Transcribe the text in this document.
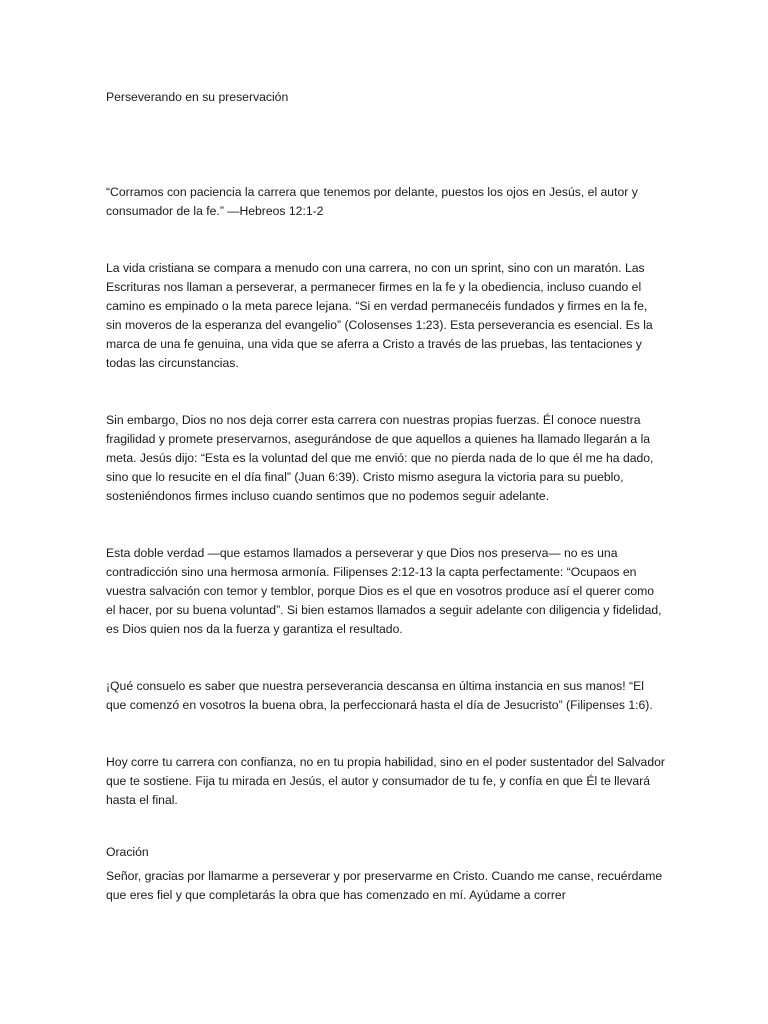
Perseverando en su preservación

“Corramos con paciencia la carrera que tenemos por delante, puestos los ojos en Jesús, el autor y consumador de la fe.” —Hebreos 12:1-2

La vida cristiana se compara a menudo con una carrera, no con un sprint, sino con un maratón. Las Escrituras nos llaman a perseverar, a permanecer firmes en la fe y la obediencia, incluso cuando el camino es empinado o la meta parece lejana. “Si en verdad permanecéis fundados y firmes en la fe, sin moveros de la esperanza del evangelio” (Colosenses 1:23). Esta perseverancia es esencial. Es la marca de una fe genuina, una vida que se aferra a Cristo a través de las pruebas, las tentaciones y todas las circunstancias.

Sin embargo, Dios no nos deja correr esta carrera con nuestras propias fuerzas. Él conoce nuestra fragilidad y promete preservarnos, asegurándose de que aquellos a quienes ha llamado llegarán a la meta. Jesús dijo: “Esta es la voluntad del que me envió: que no pierda nada de lo que él me ha dado, sino que lo resucite en el día final” (Juan 6:39). Cristo mismo asegura la victoria para su pueblo, sosteniéndonos firmes incluso cuando sentimos que no podemos seguir adelante.

Esta doble verdad —que estamos llamados a perseverar y que Dios nos preserva— no es una contradicción sino una hermosa armonía. Filipenses 2:12-13 la capta perfectamente: “Ocupaos en vuestra salvación con temor y temblor, porque Dios es el que en vosotros produce así el querer como el hacer, por su buena voluntad”. Si bien estamos llamados a seguir adelante con diligencia y fidelidad, es Dios quien nos da la fuerza y garantiza el resultado.

¡Qué consuelo es saber que nuestra perseverancia descansa en última instancia en sus manos! “El que comenzó en vosotros la buena obra, la perfeccionará hasta el día de Jesucristo” (Filipenses 1:6).

Hoy corre tu carrera con confianza, no en tu propia habilidad, sino en el poder sustentador del Salvador que te sostiene. Fija tu mirada en Jesús, el autor y consumador de tu fe, y confía en que Él te llevará hasta el final.

Oración

Señor, gracias por llamarme a perseverar y por preservarme en Cristo. Cuando me canse, recuérdame que eres fiel y que completarás la obra que has comenzado en mí. Ayúdame a correr
